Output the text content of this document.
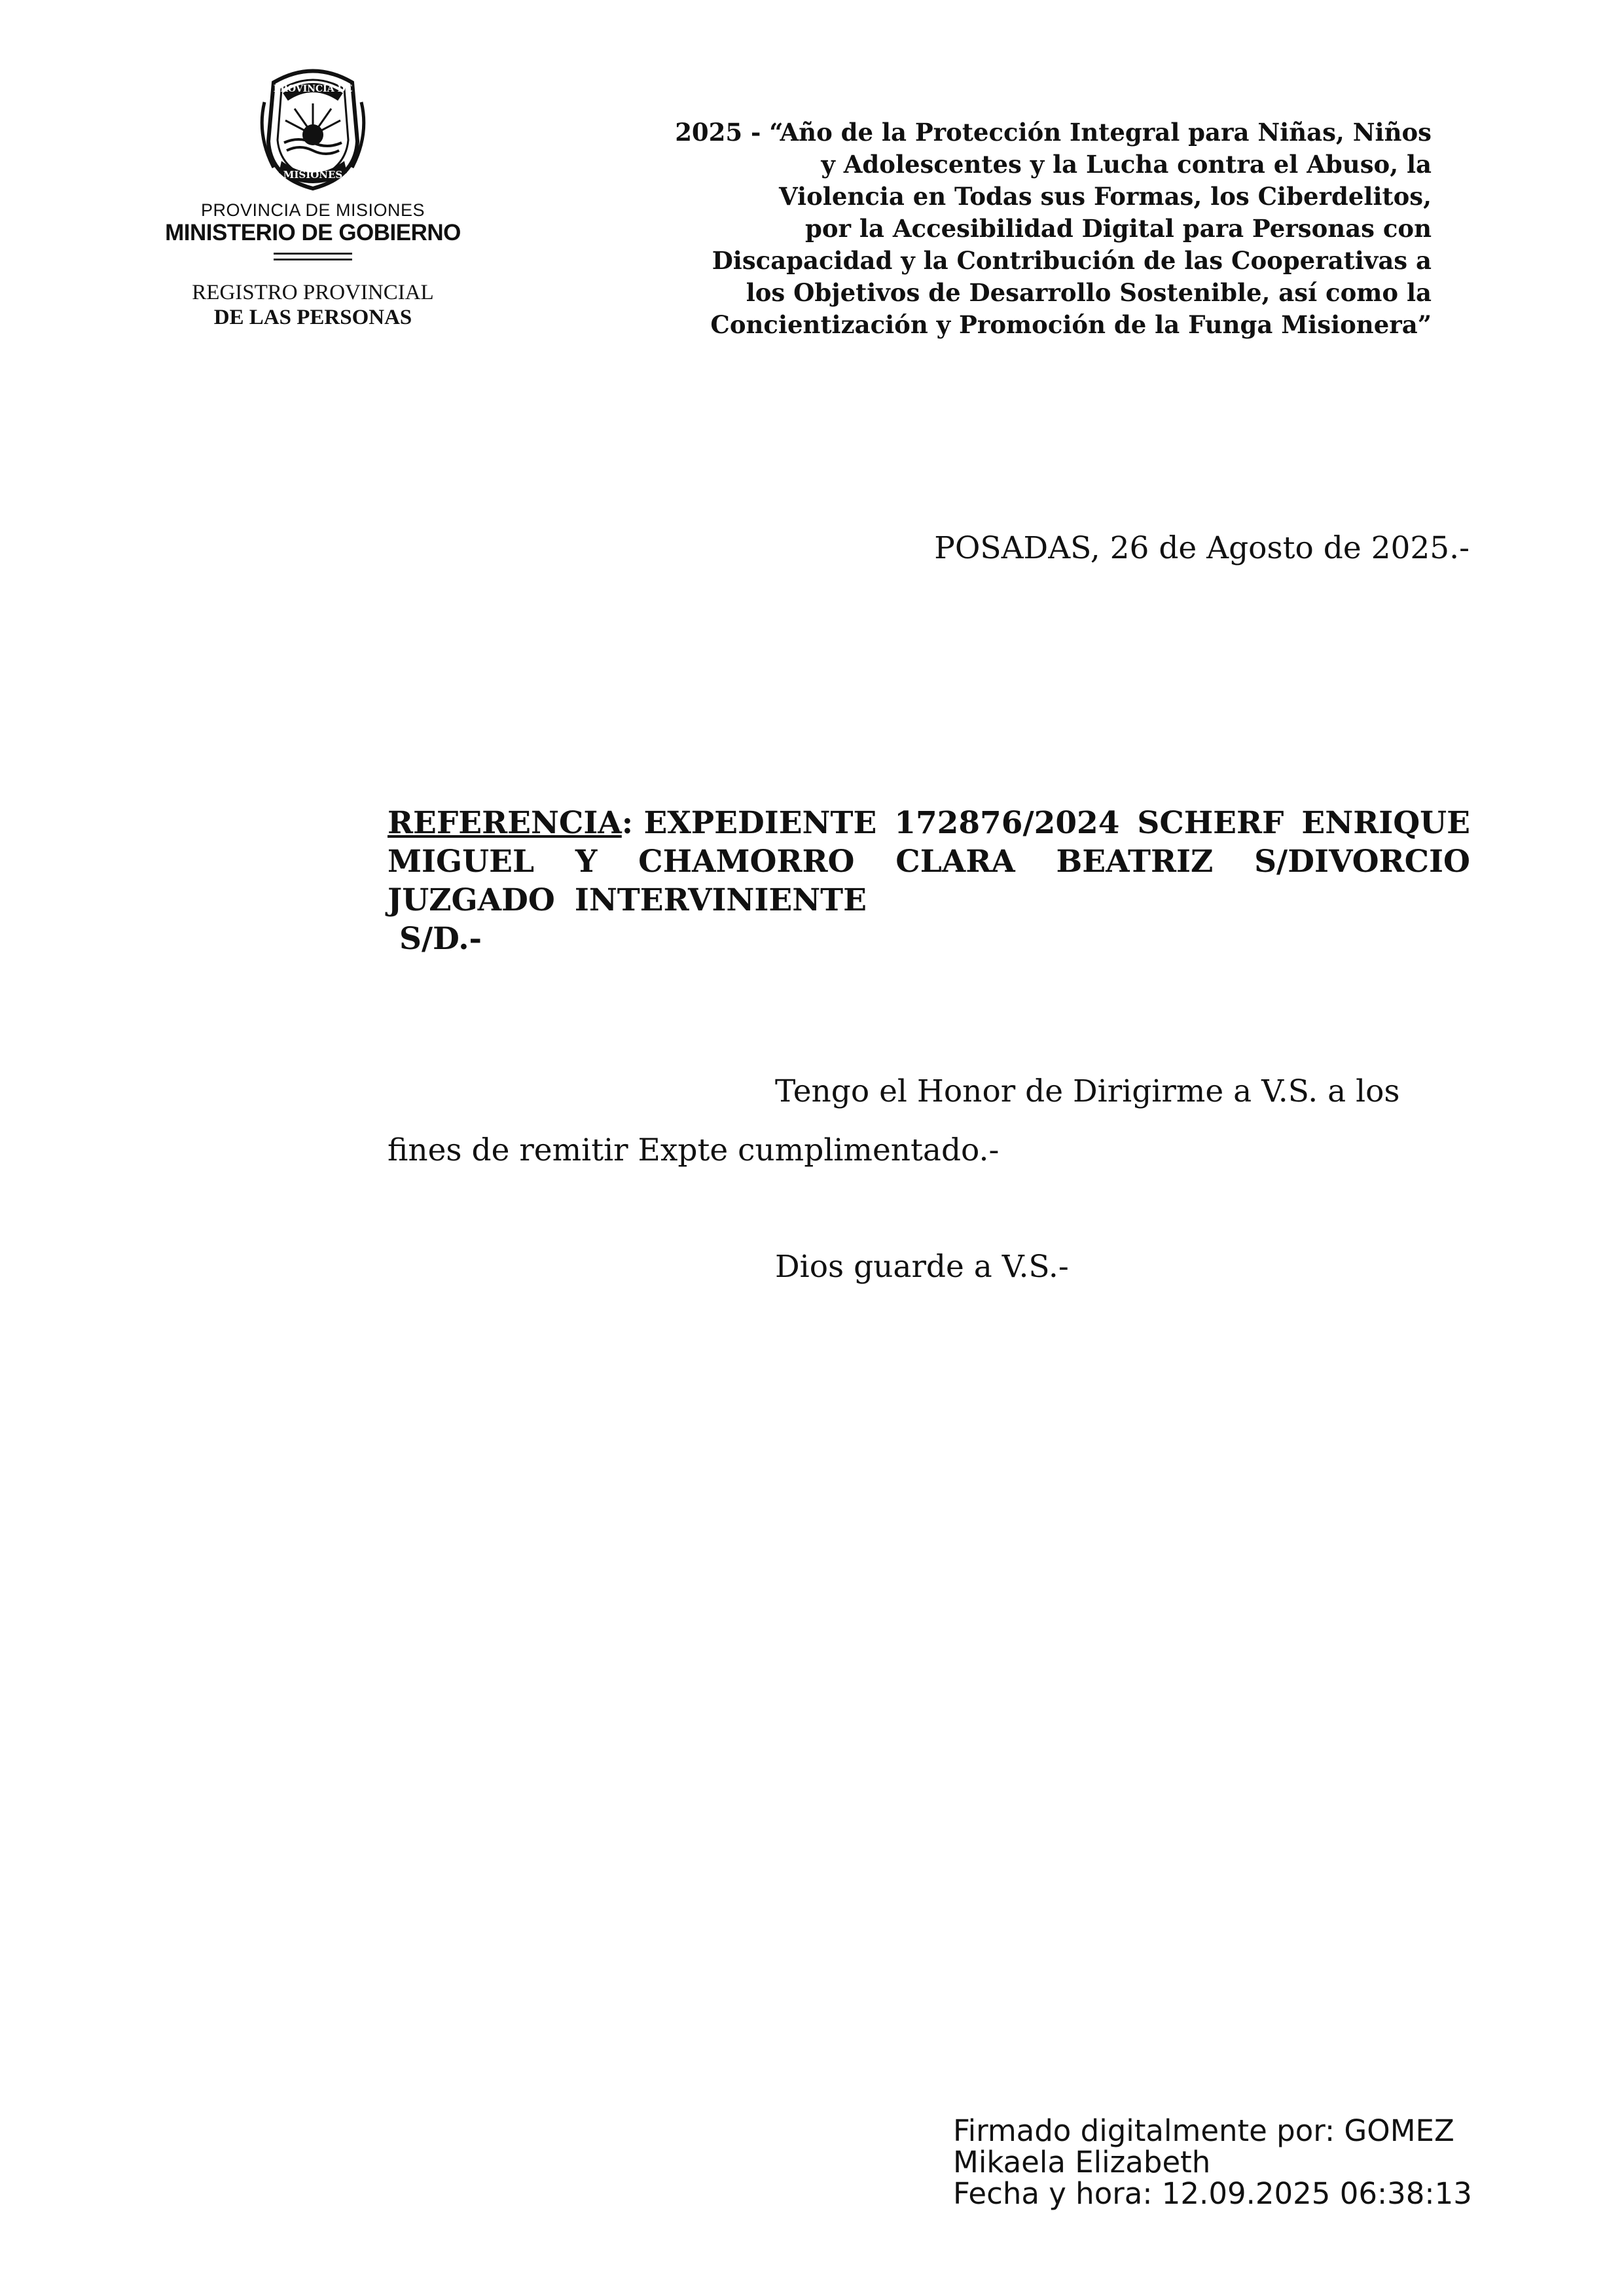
PROVINCIA DE
MISIONES
PROVINCIA DE MISIONES
MINISTERIO DE GOBIERNO
REGISTRO PROVINCIAL
DE LAS PERSONAS
2025 - “Año de la Protección Integral para Niñas, Niños
y Adolescentes y la Lucha contra el Abuso, la
Violencia en Todas sus Formas, los Ciberdelitos,
por la Accesibilidad Digital para Personas con
Discapacidad y la Contribución de las Cooperativas a
los Objetivos de Desarrollo Sostenible, así como la
Concientización y Promoción de la Funga Misionera”
POSADAS, 26 de Agosto de 2025.-
REFERENCIA: EXPEDIENTE 172876/2024 SCHERF ENRIQUE
MIGUEL Y CHAMORRO CLARA BEATRIZ S/DIVORCIO
JUZGADO INTERVINIENTE
S/D.-
Tengo el Honor de Dirigirme a V.S. a los
fines de remitir Expte cumplimentado.-
Dios guarde a V.S.-
Firmado digitalmente por: GOMEZ
Mikaela Elizabeth
Fecha y hora: 12.09.2025 06:38:13
